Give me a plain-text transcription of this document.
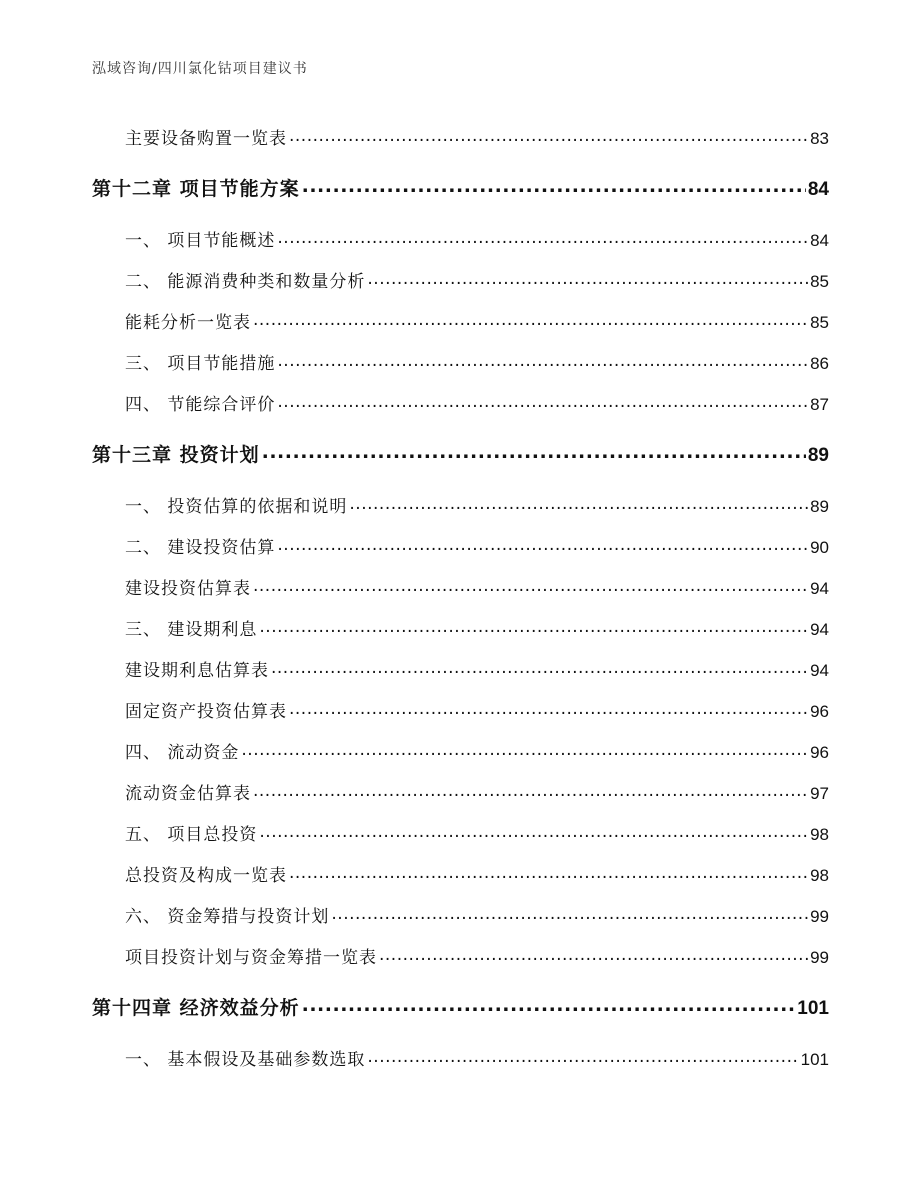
泓域咨询/四川氯化钴项目建议书
主要设备购置一览表 .....	83
第十二章 项目节能方案 .....	84
一、 项目节能概述 .....	84
二、 能源消费种类和数量分析 .....	85
能耗分析一览表 .....	85
三、 项目节能措施 .....	86
四、 节能综合评价 .....	87
第十三章 投资计划 .....	89
一、 投资估算的依据和说明 .....	89
二、 建设投资估算 .....	90
建设投资估算表 .....	94
三、 建设期利息 .....	94
建设期利息估算表 .....	94
固定资产投资估算表 .....	96
四、 流动资金 .....	96
流动资金估算表 .....	97
五、 项目总投资 .....	98
总投资及构成一览表 .....	98
六、 资金筹措与投资计划 .....	99
项目投资计划与资金筹措一览表 .....	99
第十四章 经济效益分析 .....	101
一、 基本假设及基础参数选取 .....	101
